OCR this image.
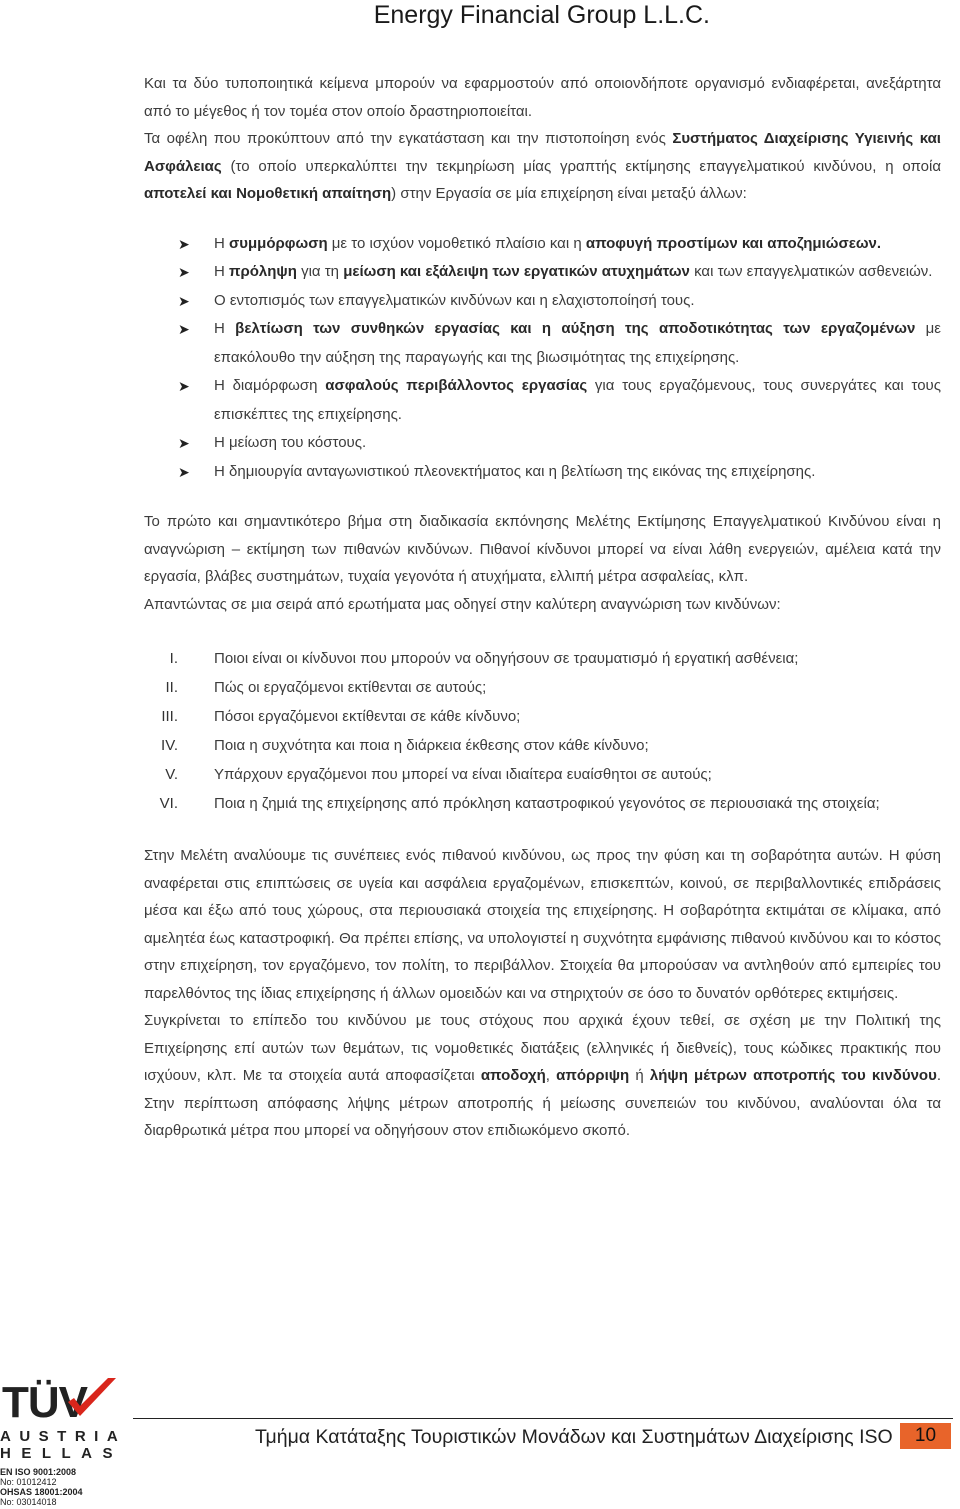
Energy Financial Group L.L.C.

Και τα δύο τυποποιητικά κείμενα μπορούν να εφαρμοστούν από οποιονδήποτε οργανισμό ενδιαφέρεται, ανεξάρτητα από το μέγεθος ή τον τομέα στον οποίο δραστηριοποιείται.

Τα οφέλη που προκύπτουν από την εγκατάσταση και την πιστοποίηση ενός Συστήματος Διαχείρισης Υγιεινής και Ασφάλειας (το οποίο υπερκαλύπτει την τεκμηρίωση μίας γραπτής εκτίμησης επαγγελματικού κινδύνου, η οποία αποτελεί και Νομοθετική απαίτηση) στην Εργασία σε μία επιχείρηση είναι μεταξύ άλλων:

➤ Η συμμόρφωση με το ισχύον νομοθετικό πλαίσιο και η αποφυγή προστίμων και αποζημιώσεων.
➤ Η πρόληψη για τη μείωση και εξάλειψη των εργατικών ατυχημάτων και των επαγγελματικών ασθενειών.
➤ Ο εντοπισμός των επαγγελματικών κινδύνων και η ελαχιστοποίησή τους.
➤ Η βελτίωση των συνθηκών εργασίας και η αύξηση της αποδοτικότητας των εργαζομένων με επακόλουθο την αύξηση της παραγωγής και της βιωσιμότητας της επιχείρησης.
➤ Η διαμόρφωση ασφαλούς περιβάλλοντος εργασίας για τους εργαζόμενους, τους συνεργάτες και τους επισκέπτες της επιχείρησης.
➤ Η μείωση του κόστους.
➤ Η δημιουργία ανταγωνιστικού πλεονεκτήματος και η βελτίωση της εικόνας της επιχείρησης.

Το πρώτο και σημαντικότερο βήμα στη διαδικασία εκπόνησης Μελέτης Εκτίμησης Επαγγελματικού Κινδύνου είναι η αναγνώριση – εκτίμηση των πιθανών κινδύνων. Πιθανοί κίνδυνοι μπορεί να είναι λάθη ενεργειών, αμέλεια κατά την εργασία, βλάβες συστημάτων, τυχαία γεγονότα ή ατυχήματα, ελλιπή μέτρα ασφαλείας, κλπ.

Απαντώντας σε μια σειρά από ερωτήματα μας οδηγεί στην καλύτερη αναγνώριση των κινδύνων:

I. Ποιοι είναι οι κίνδυνοι που μπορούν να οδηγήσουν σε τραυματισμό ή εργατική ασθένεια;
II. Πώς οι εργαζόμενοι εκτίθενται σε αυτούς;
III. Πόσοι εργαζόμενοι εκτίθενται σε κάθε κίνδυνο;
IV. Ποια η συχνότητα και ποια η διάρκεια έκθεσης στον κάθε κίνδυνο;
V. Υπάρχουν εργαζόμενοι που μπορεί να είναι ιδιαίτερα ευαίσθητοι σε αυτούς;
VI. Ποια η ζημιά της επιχείρησης από πρόκληση καταστροφικού γεγονότος σε περιουσιακά της στοιχεία;

Στην Μελέτη αναλύουμε τις συνέπειες ενός πιθανού κινδύνου, ως προς την φύση και τη σοβαρότητα αυτών. Η φύση αναφέρεται στις επιπτώσεις σε υγεία και ασφάλεια εργαζομένων, επισκεπτών, κοινού, σε περιβαλλοντικές επιδράσεις μέσα και έξω από τους χώρους, στα περιουσιακά στοιχεία της επιχείρησης. Η σοβαρότητα εκτιμάται σε κλίμακα, από αμελητέα έως καταστροφική. Θα πρέπει επίσης, να υπολογιστεί η συχνότητα εμφάνισης πιθανού κινδύνου και το κόστος στην επιχείρηση, τον εργαζόμενο, τον πολίτη, το περιβάλλον. Στοιχεία θα μπορούσαν να αντληθούν από εμπειρίες του παρελθόντος της ίδιας επιχείρησης ή άλλων ομοειδών και να στηριχτούν σε όσο το δυνατόν ορθότερες εκτιμήσεις.

Συγκρίνεται το επίπεδο του κινδύνου με τους στόχους που αρχικά έχουν τεθεί, σε σχέση με την Πολιτική της Επιχείρησης επί αυτών των θεμάτων, τις νομοθετικές διατάξεις (ελληνικές ή διεθνείς), τους κώδικες πρακτικής που ισχύουν, κλπ. Με τα στοιχεία αυτά αποφασίζεται αποδοχή, απόρριψη ή λήψη μέτρων αποτροπής του κινδύνου. Στην περίπτωση απόφασης λήψης μέτρων αποτροπής ή μείωσης συνεπειών του κινδύνου, αναλύονται όλα τα διαρθρωτικά μέτρα που μπορεί να οδηγήσουν στον επιδιωκόμενο σκοπό.

TÜV
AUSTRIA
HELLAS
EN ISO 9001:2008
No: 01012412
OHSAS 18001:2004
No: 03014018
Τμήμα Κατάταξης Τουριστικών Μονάδων και Συστημάτων Διαχείρισης ISO	10
